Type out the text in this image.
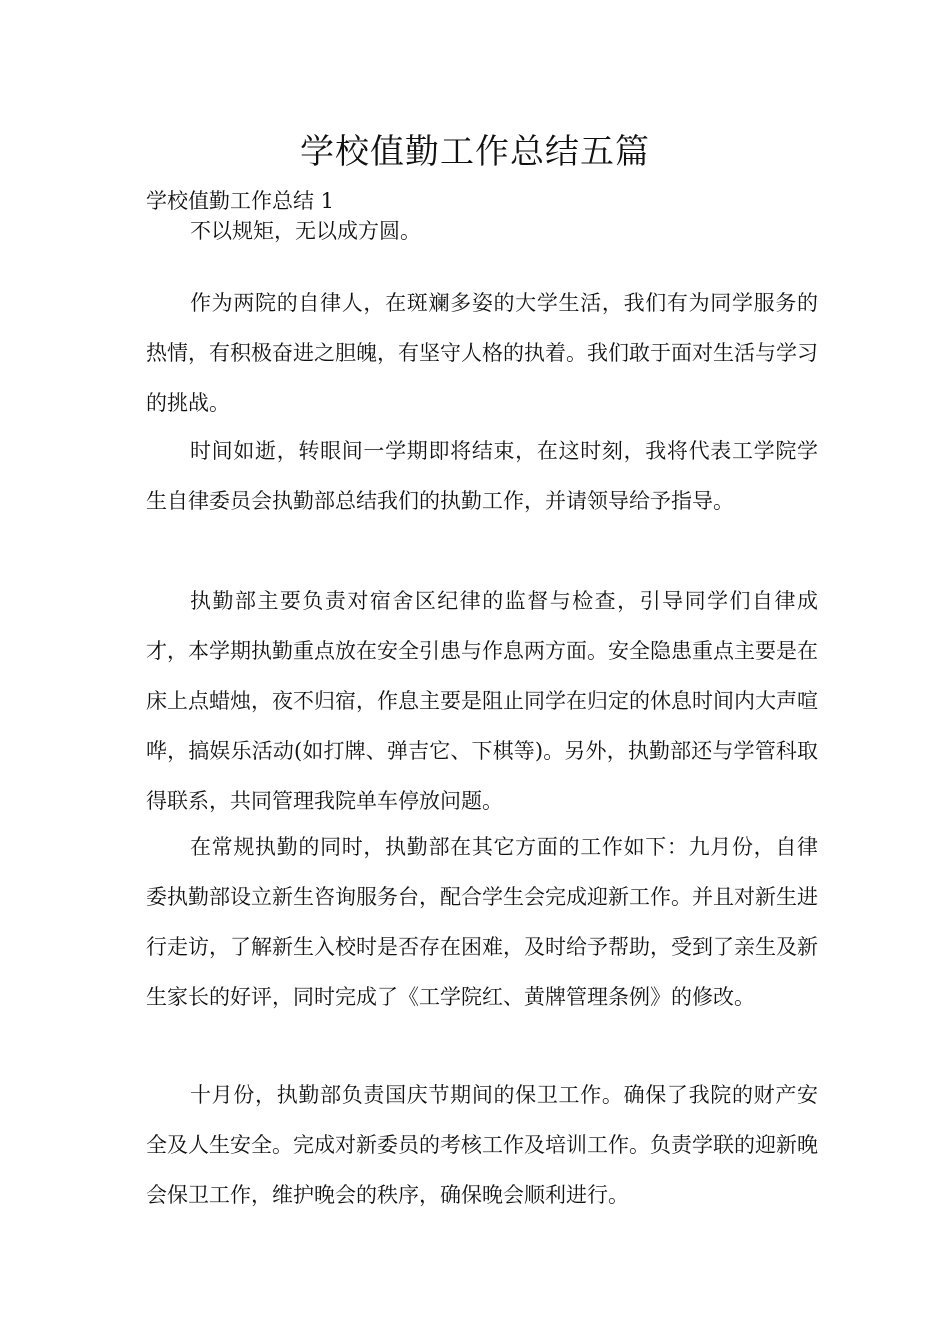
学校值勤工作总结五篇

学校值勤工作总结 1

不以规矩，无以成方圆。

作为两院的自律人，在斑斓多姿的大学生活，我们有为同学服务的热情，有积极奋进之胆魄，有坚守人格的执着。我们敢于面对生活与学习的挑战。

时间如逝，转眼间一学期即将结束，在这时刻，我将代表工学院学生自律委员会执勤部总结我们的执勤工作，并请领导给予指导。

执勤部主要负责对宿舍区纪律的监督与检查，引导同学们自律成才，本学期执勤重点放在安全引患与作息两方面。安全隐患重点主要是在床上点蜡烛，夜不归宿，作息主要是阻止同学在归定的休息时间内大声喧哗，搞娱乐活动(如打牌、弹吉它、下棋等)。另外，执勤部还与学管科取得联系，共同管理我院单车停放问题。

在常规执勤的同时，执勤部在其它方面的工作如下：九月份，自律委执勤部设立新生咨询服务台，配合学生会完成迎新工作。并且对新生进行走访，了解新生入校时是否存在困难，及时给予帮助，受到了亲生及新生家长的好评，同时完成了《工学院红、黄牌管理条例》的修改。

十月份，执勤部负责国庆节期间的保卫工作。确保了我院的财产安全及人生安全。完成对新委员的考核工作及培训工作。负责学联的迎新晚会保卫工作，维护晚会的秩序，确保晚会顺利进行。
